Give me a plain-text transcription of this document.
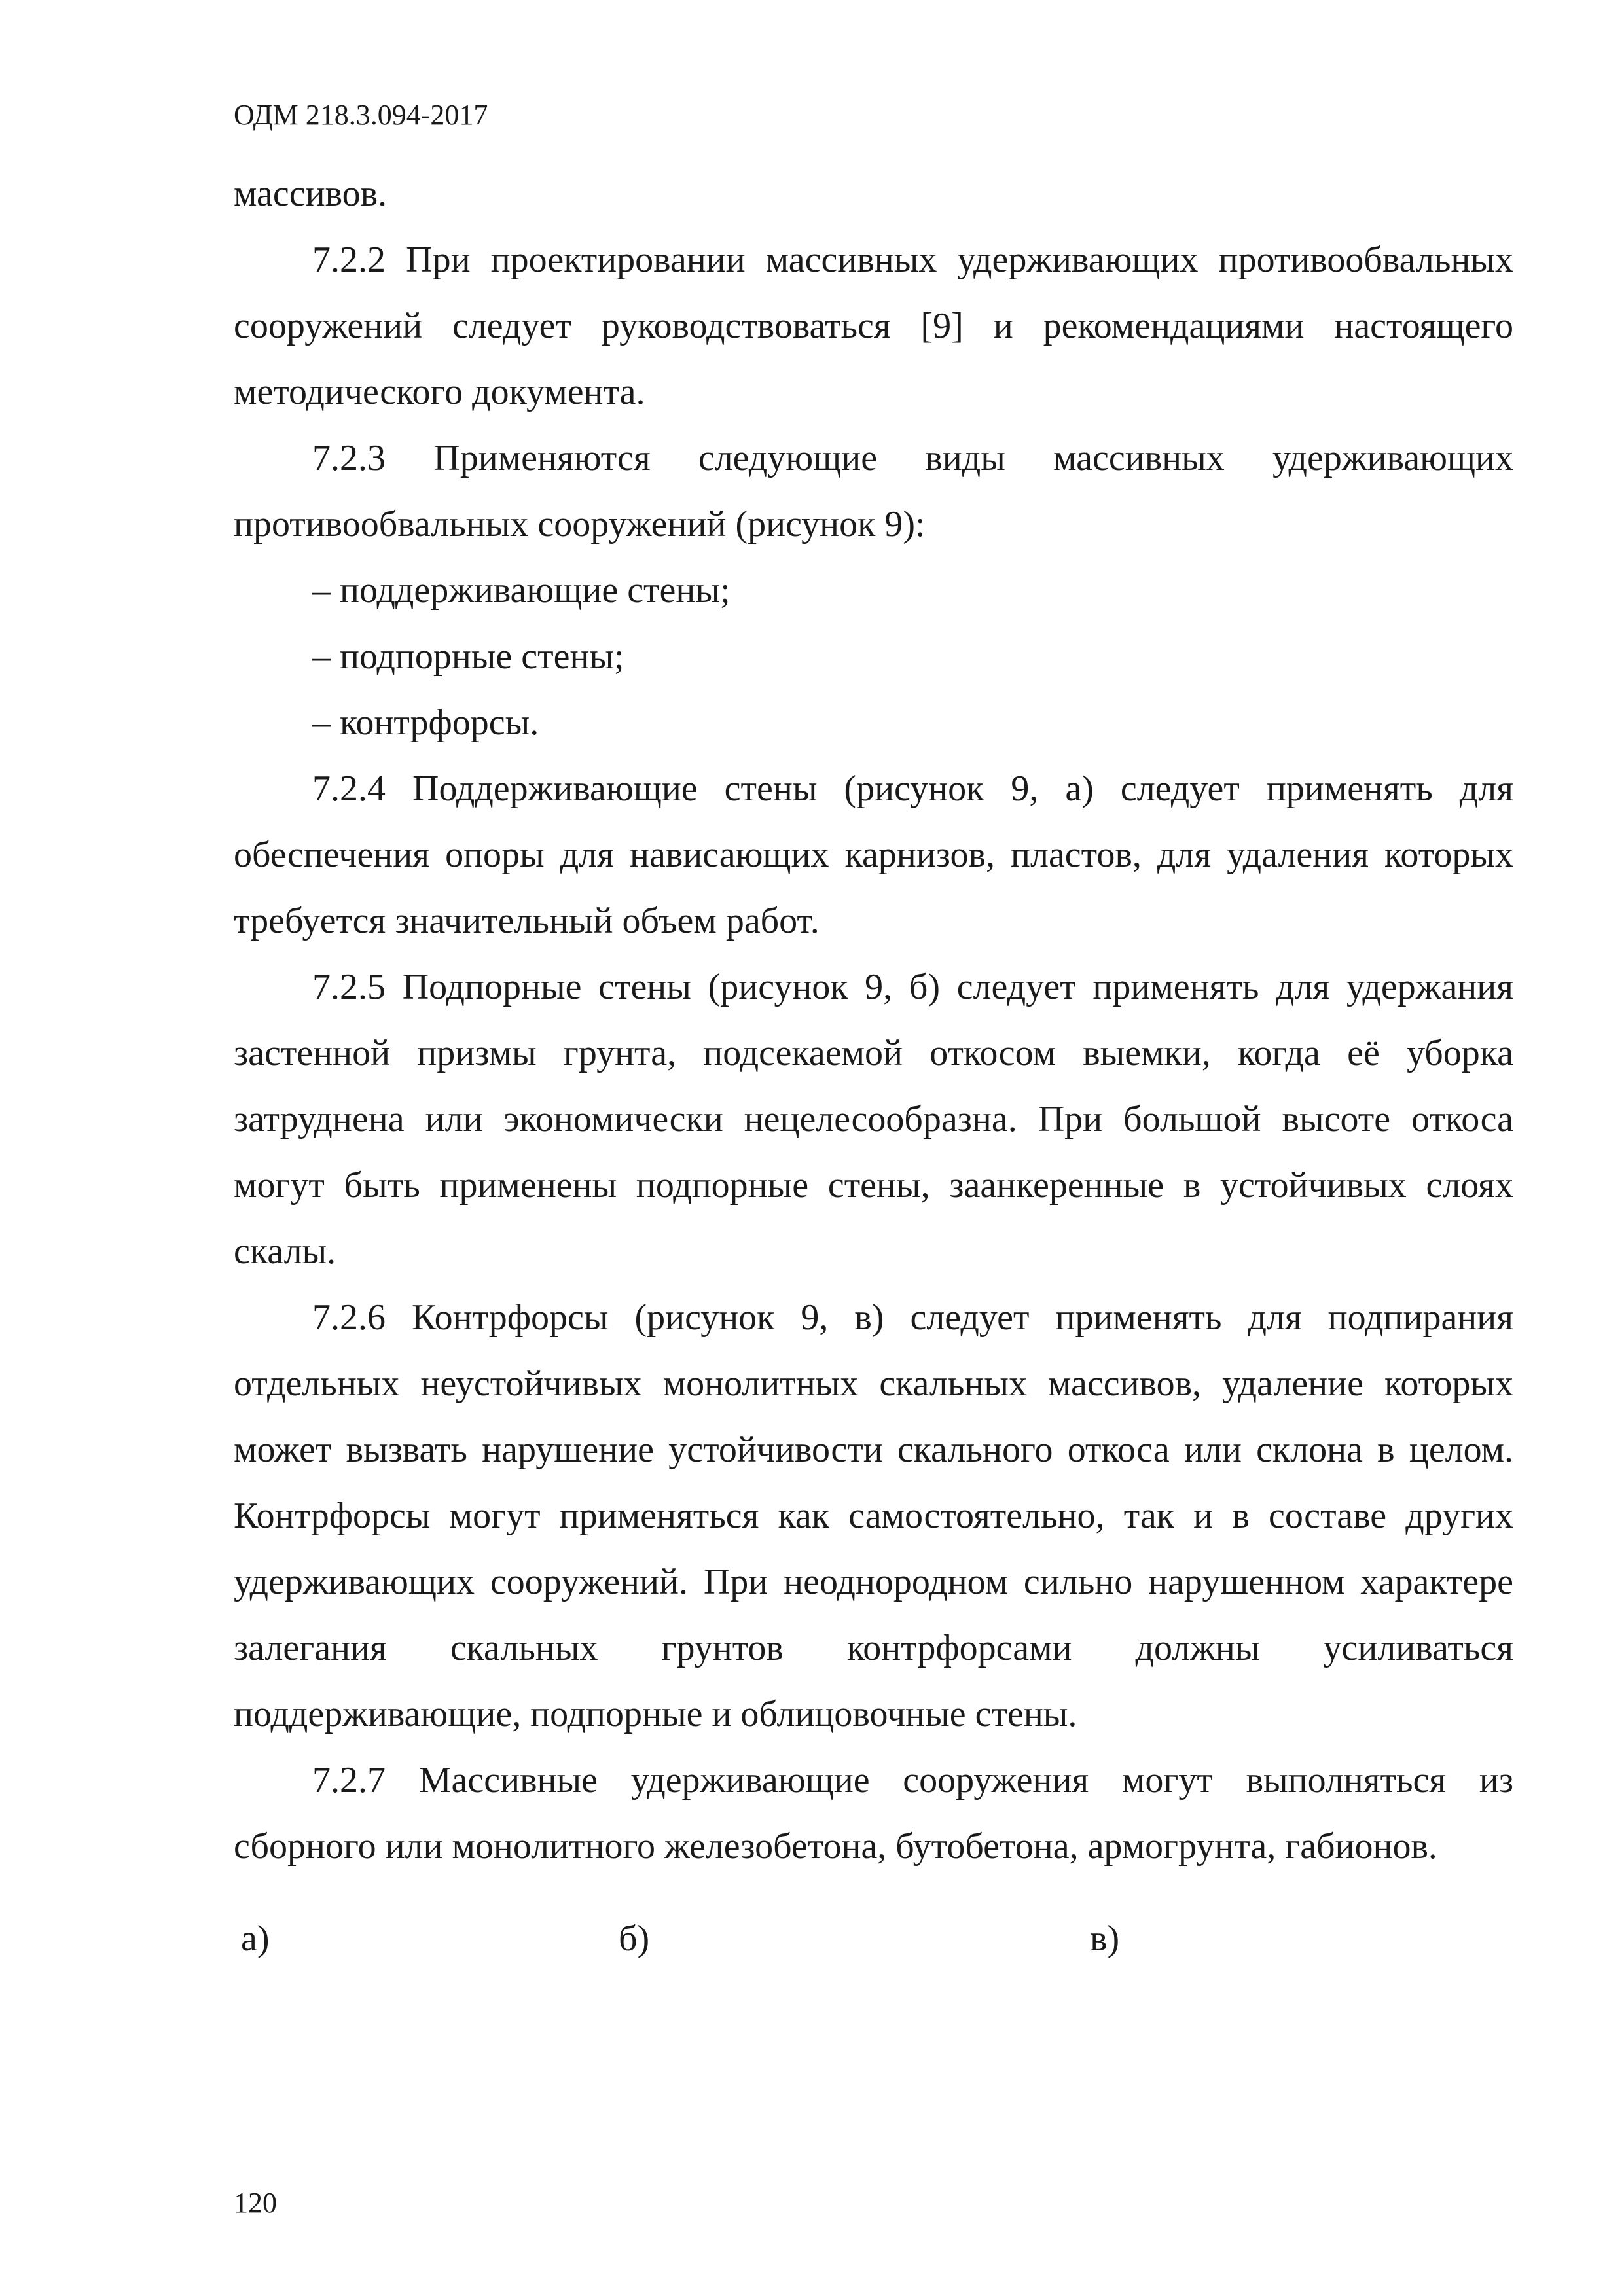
ОДМ 218.3.094-2017

массивов.

7.2.2 При проектировании массивных удерживающих противообвальных сооружений следует руководствоваться [9] и рекомендациями настоящего методического документа.

7.2.3 Применяются следующие виды массивных удерживающих противообвальных сооружений (рисунок 9):

– поддерживающие стены;
– подпорные стены;
– контрфорсы.

7.2.4 Поддерживающие стены (рисунок 9, а) следует применять для обеспечения опоры для нависающих карнизов, пластов, для удаления которых требуется значительный объем работ.

7.2.5 Подпорные стены (рисунок 9, б) следует применять для удержания застенной призмы грунта, подсекаемой откосом выемки, когда её уборка затруднена или экономически нецелесообразна. При большой высоте откоса могут быть применены подпорные стены, заанкеренные в устойчивых слоях скалы.

7.2.6 Контрфорсы (рисунок 9, в) следует применять для подпирания отдельных неустойчивых монолитных скальных массивов, удаление которых может вызвать нарушение устойчивости скального откоса или склона в целом. Контрфорсы могут применяться как самостоятельно, так и в составе других удерживающих сооружений. При неоднородном сильно нарушенном характере залегания скальных грунтов контрфорсами должны усиливаться поддерживающие, подпорные и облицовочные стены.

7.2.7 Массивные удерживающие сооружения могут выполняться из сборного или монолитного железобетона, бутобетона, армогрунта, габионов.

а)	б)	в)
120
